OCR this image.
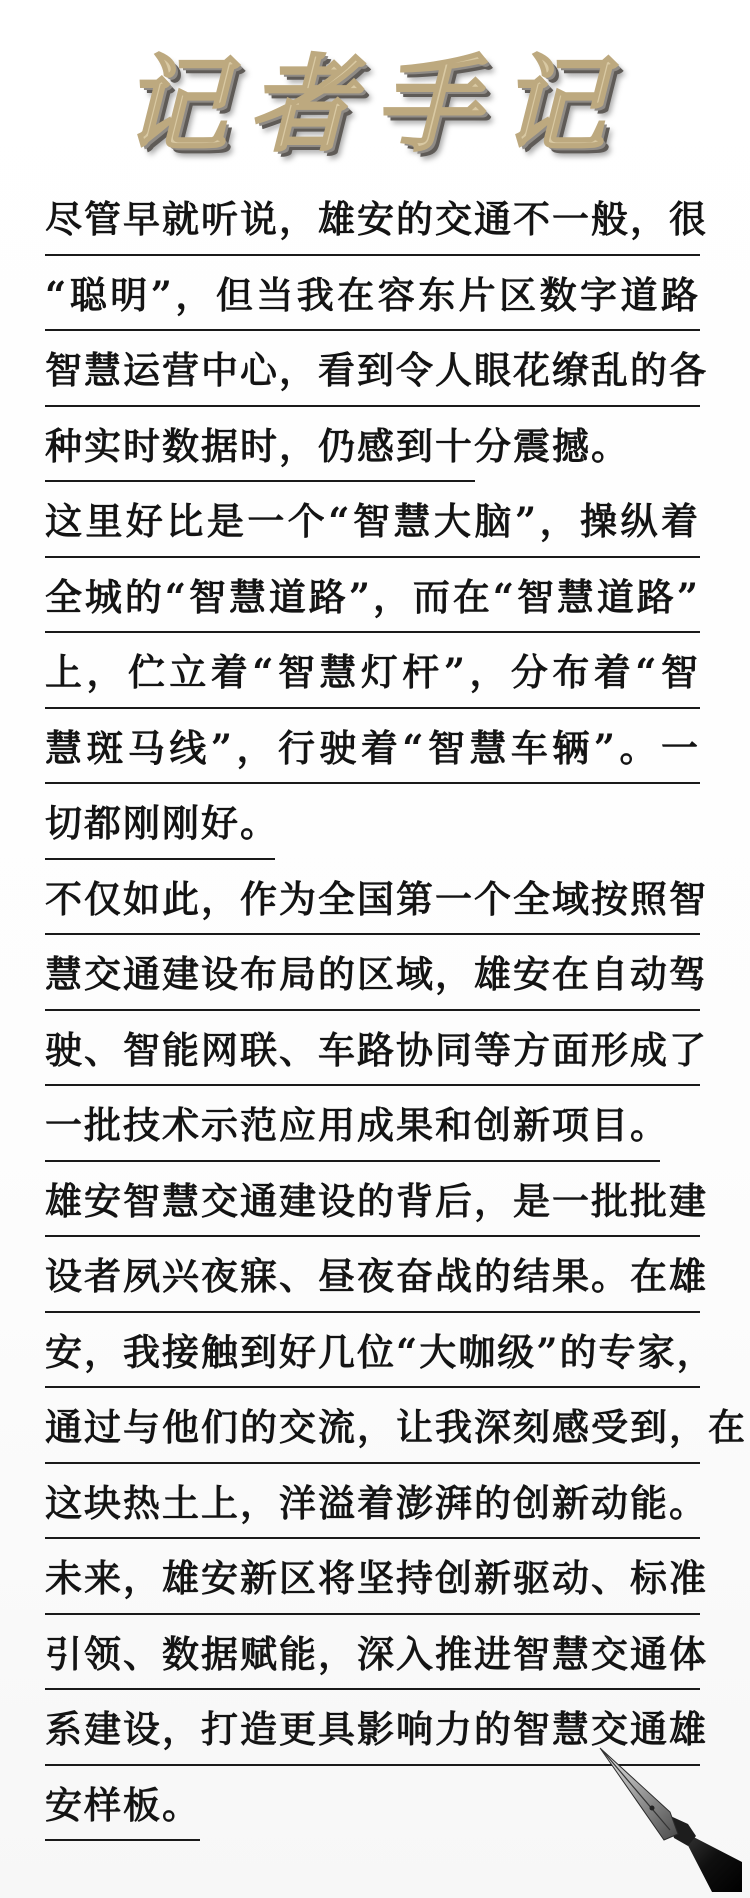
记者手记
尽管早就听说，雄安的交通不一般，很
“聪明”，但当我在容东片区数字道路
智慧运营中心，看到令人眼花缭乱的各
种实时数据时，仍感到十分震撼。
这里好比是一个“智慧大脑”，操纵着
全城的“智慧道路”，而在“智慧道路”
上，伫立着“智慧灯杆”，分布着“智
慧斑马线”，行驶着“智慧车辆”。一
切都刚刚好。
不仅如此，作为全国第一个全域按照智
慧交通建设布局的区域，雄安在自动驾
驶、智能网联、车路协同等方面形成了
一批技术示范应用成果和创新项目。
雄安智慧交通建设的背后，是一批批建
设者夙兴夜寐、昼夜奋战的结果。在雄
安，我接触到好几位“大咖级”的专家，
通过与他们的交流，让我深刻感受到，在
这块热土上，洋溢着澎湃的创新动能。
未来，雄安新区将坚持创新驱动、标准
引领、数据赋能，深入推进智慧交通体
系建设，打造更具影响力的智慧交通雄
安样板。
